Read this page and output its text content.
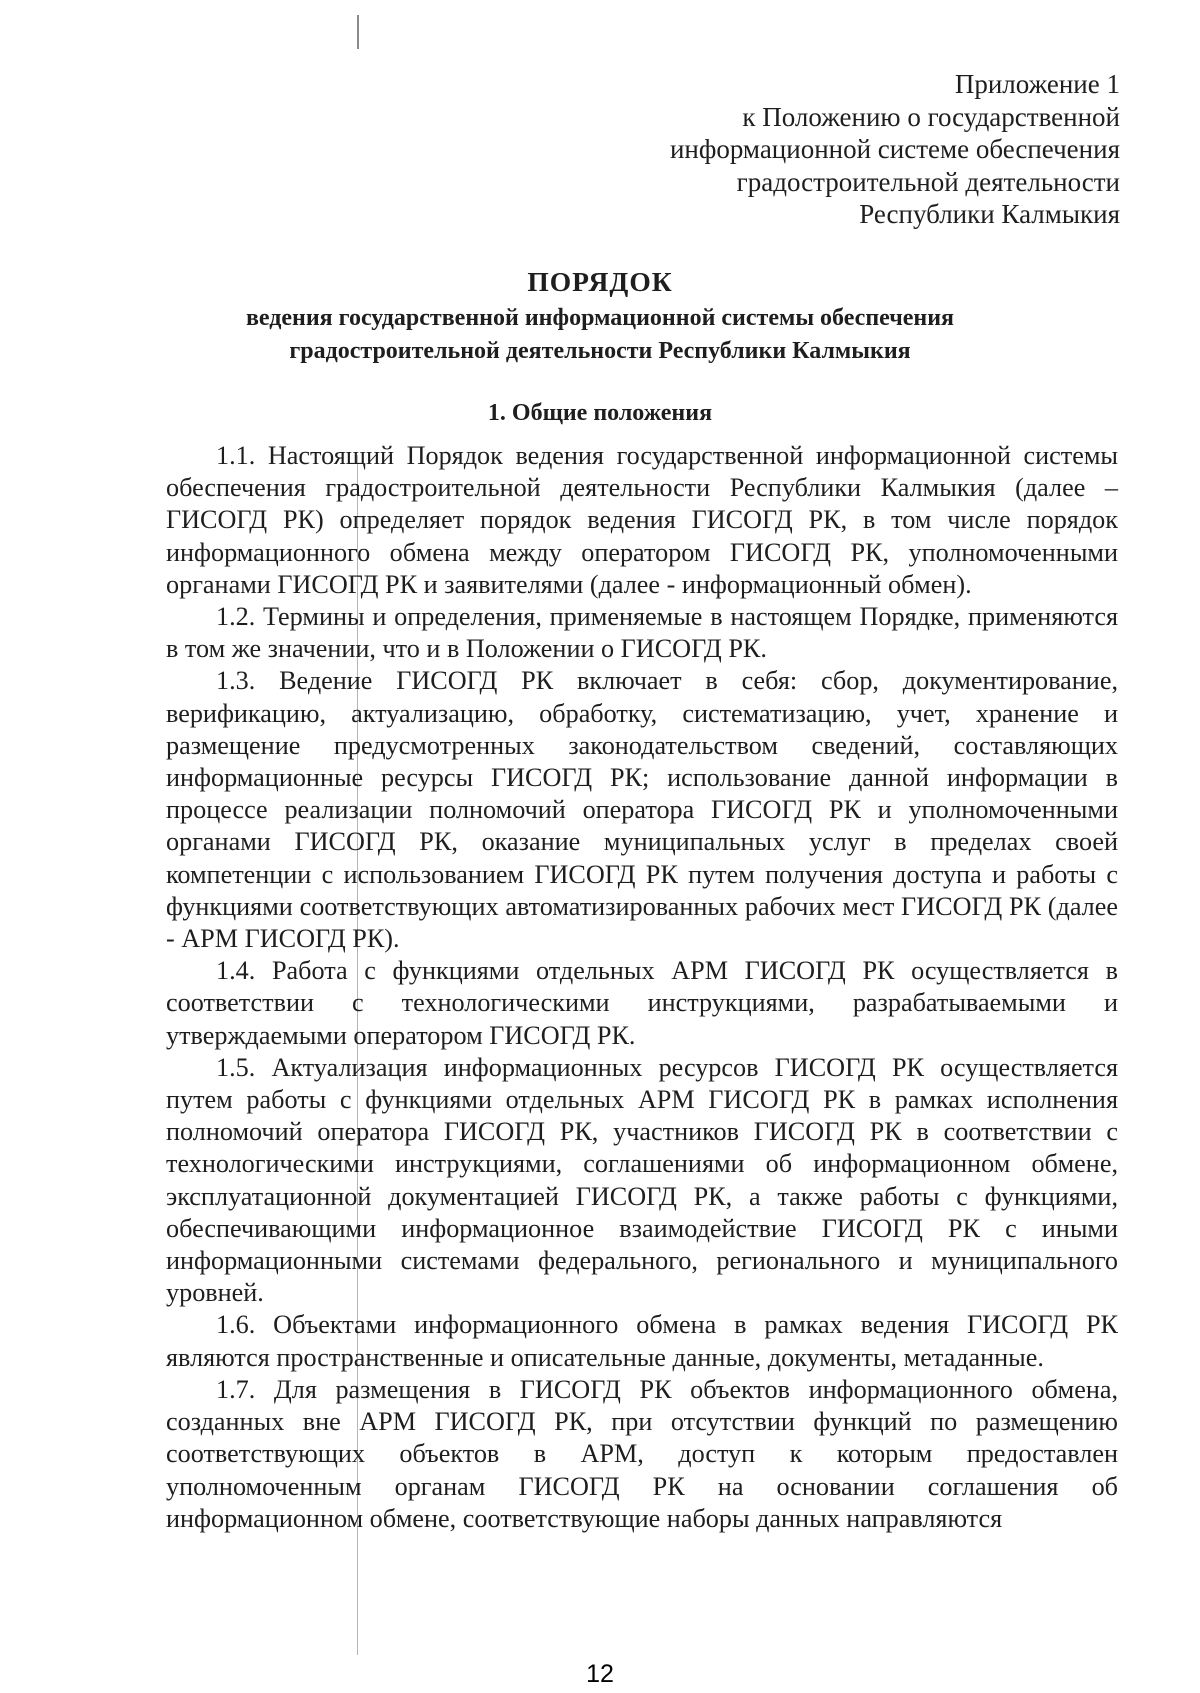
Приложение 1
к Положению о государственной
информационной системе обеспечения
градостроительной деятельности
Республики Калмыкия
ПОРЯДОК
ведения государственной информационной системы обеспечения
градостроительной деятельности Республики Калмыкия
1. Общие положения

1.1. Настоящий Порядок ведения государственной информационной системы обеспечения градостроительной деятельности Республики Калмыкия (далее – ГИСОГД РК) определяет порядок ведения ГИСОГД РК, в том числе порядок информационного обмена между оператором ГИСОГД РК, уполномоченными органами ГИСОГД РК и заявителями (далее - информационный обмен).

1.2. Термины и определения, применяемые в настоящем Порядке, применяются в том же значении, что и в Положении о ГИСОГД РК.

1.3. Ведение ГИСОГД РК включает в себя: сбор, документирование, верификацию, актуализацию, обработку, систематизацию, учет, хранение и размещение предусмотренных законодательством сведений, составляющих информационные ресурсы ГИСОГД РК; использование данной информации в процессе реализации полномочий оператора ГИСОГД РК и уполномоченными органами ГИСОГД РК, оказание муниципальных услуг в пределах своей компетенции с использованием ГИСОГД РК путем получения доступа и работы с функциями соответствующих автоматизированных рабочих мест ГИСОГД РК (далее - АРМ ГИСОГД РК).

1.4. Работа с функциями отдельных АРМ ГИСОГД РК осуществляется в соответствии с технологическими инструкциями, разрабатываемыми и утверждаемыми оператором ГИСОГД РК.

1.5. Актуализация информационных ресурсов ГИСОГД РК осуществляется путем работы с функциями отдельных АРМ ГИСОГД РК в рамках исполнения полномочий оператора ГИСОГД РК, участников ГИСОГД РК в соответствии с технологическими инструкциями, соглашениями об информационном обмене, эксплуатационной документацией ГИСОГД РК, а также работы с функциями, обеспечивающими информационное взаимодействие ГИСОГД РК с иными информационными системами федерального, регионального и муниципального уровней.

1.6. Объектами информационного обмена в рамках ведения ГИСОГД РК являются пространственные и описательные данные, документы, метаданные.

1.7. Для размещения в ГИСОГД РК объектов информационного обмена, созданных вне АРМ ГИСОГД РК, при отсутствии функций по размещению соответствующих объектов в АРМ, доступ к которым предоставлен уполномоченным органам ГИСОГД РК на основании соглашения об информационном обмене, соответствующие наборы данных направляются

12
